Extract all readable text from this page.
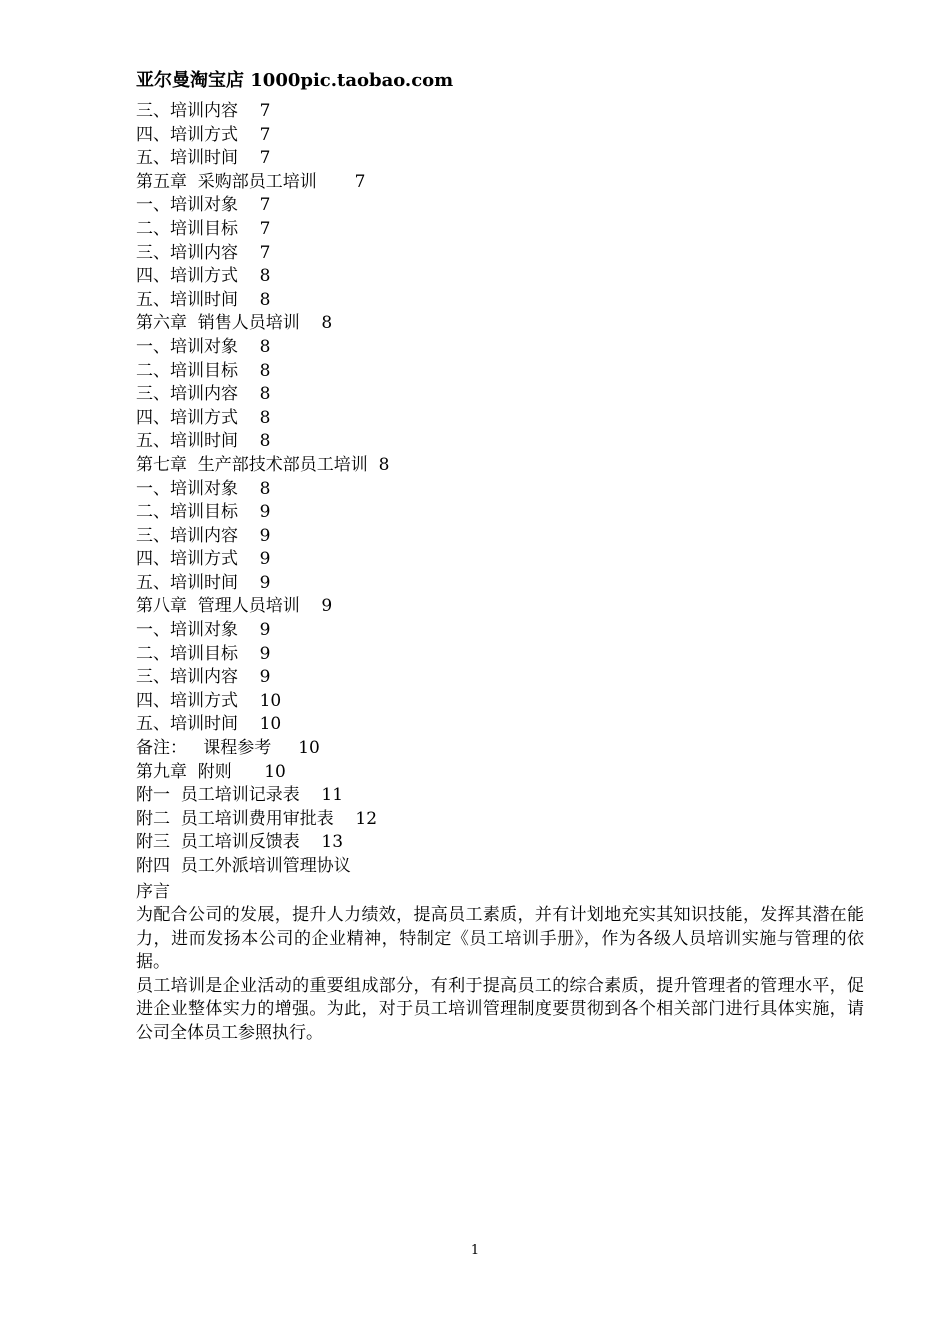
亚尔曼淘宝店 1000pic.taobao.com
三、培训内容    7
四、培训方式    7
五、培训时间    7
第五章  采购部员工培训       7
一、培训对象    7
二、培训目标    7
三、培训内容    7
四、培训方式    8
五、培训时间    8
第六章  销售人员培训    8
一、培训对象    8
二、培训目标    8
三、培训内容    8
四、培训方式    8
五、培训时间    8
第七章  生产部技术部员工培训  8
一、培训对象    8
二、培训目标    9
三、培训内容    9
四、培训方式    9
五、培训时间    9
第八章  管理人员培训    9
一、培训对象    9
二、培训目标    9
三、培训内容    9
四、培训方式    10
五、培训时间    10
备注：   课程参考     10
第九章  附则      10
附一  员工培训记录表    11
附二  员工培训费用审批表    12
附三  员工培训反馈表    13
附四  员工外派培训管理协议
序言

为配合公司的发展，提升人力绩效，提高员工素质，并有计划地充实其知识技能，发挥其潜在能力，进而发扬本公司的企业精神，特制定《员工培训手册》，作为各级人员培训实施与管理的依据。

员工培训是企业活动的重要组成部分，有利于提高员工的综合素质，提升管理者的管理水平，促进企业整体实力的增强。为此，对于员工培训管理制度要贯彻到各个相关部门进行具体实施，请公司全体员工参照执行。

1
